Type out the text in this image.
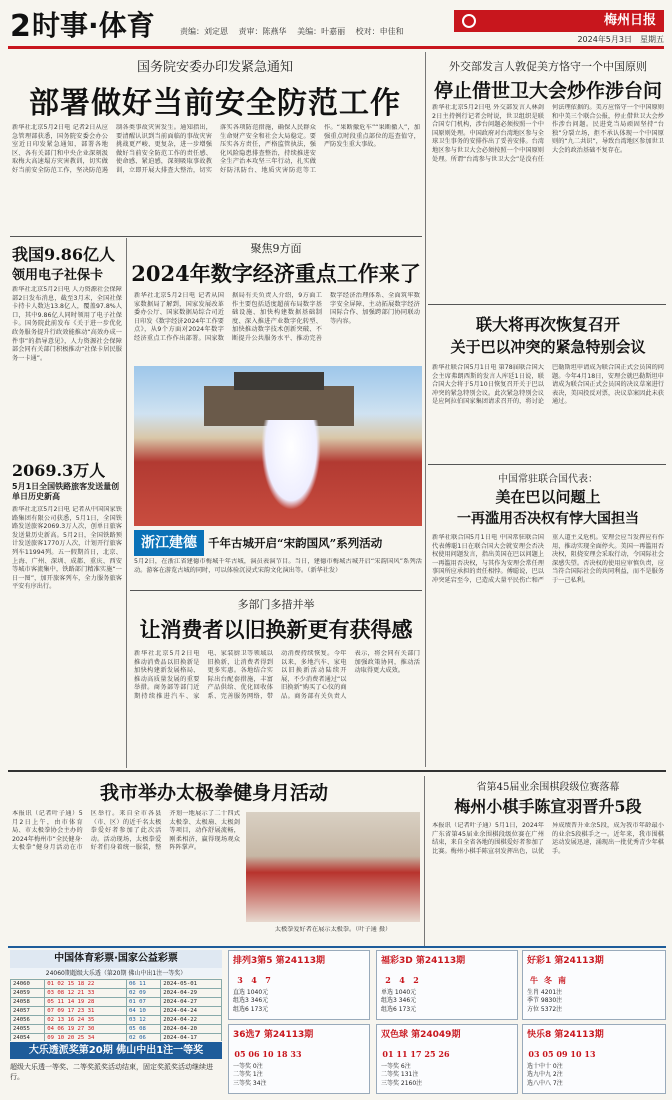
2 时事·体育	责编：刘定恩 责审：陈燕华 美编：叶嘉丽 校对：申佳和
梅州日报
2024年5月3日　星期五
国务院安委办印发紧急通知
部署做好当前安全防范工作
新华社北京5月2日电 记者2日从应急管理部获悉，国务院安委会办公室近日印发紧急通知，部署各地区、各有关部门和中央企业深刻汲取梅大高速塌方灾害教训，切实做好当前安全防范工作，坚决防范遏制各类事故灾害发生。通知指出，要清醒认识到当前面临的事故灾害挑战更严峻、更复杂，进一步增强做好当前安全防范工作的责任感、使命感、紧迫感，深刻吸取事故教训，立即开展大排查大整治，切实落实各项防范措施，确保人民群众生命财产安全和社会大局稳定。要压实各方责任，严格监管执法，强化风险隐患排查整治，持续推进安全生产治本攻坚三年行动，扎实做好防汛防台、地质灾害防范等工作。“果断撤危车”“果断撤人”，加强重点时段重点部位的巡查值守，严防发生重大事故。
外交部发言人敦促美方恪守一个中国原则
停止借世卫大会炒作涉台问
新华社北京5月2日电 外交部发言人林剑2日主持例行记者会时说，世卫组织是联合国专门机构，涉台问题必须按照一个中国原则处理。中国政府对台湾地区参与全球卫生事务的安排作出了妥善安排。台湾地区参与世卫大会必须按照一个中国原则处理。所谓“台湾参与世卫大会”是没有任何法理依据的。美方应恪守一个中国原则和中美三个联合公报，停止借世卫大会炒作涉台问题。民进党当局顽固坚持“台独”分裂立场，拒不承认体现一个中国原则的“九二共识”，导致台湾地区参加世卫大会的政治基础不复存在。
我国9.86亿人
领用电子社保卡
新华社北京5月2日电 人力资源社会保障部2日发布消息，截至3月末，全国社保卡持卡人数达13.8亿人，覆盖97.8%人口，其中9.86亿人同时领用了电子社保卡。国务院此前发布《关于进一步优化政务服务提升行政效能推动“高效办成一件事”的指导意见》，人力资源社会保障部会同有关部门积极推动“社保卡居民服务一卡通”。
2069.3万人
5月1日全国铁路旅客发送量创单日历史新高
新华社北京5月2日电 记者从中国国家铁路集团有限公司获悉，5月1日，全国铁路发送旅客2069.3万人次，创单日旅客发送量历史新高。5月2日，全国铁路预计发送旅客1770万人次，计划开行旅客列车11994列。五一假期首日，北京、上海、广州、深圳、成都、重庆、西安等城市客流集中，铁路部门精准实施“一日一图”，加开旅客列车，全力服务旅客平安有序出行。
聚焦9方面
2024年数字经济重点工作来了
新华社北京5月2日电 记者从国家数据局了解到，国家发展改革委办公厅、国家数据局综合司近日印发《数字经济2024年工作要点》，从9个方面对2024年数字经济重点工作作出部署。国家数据局有关负责人介绍，9方面工作主要包括适度超前布局数字基础设施、加快构建数据基础制度、深入推进产业数字化转型、加快推动数字技术创新突破、不断提升公共服务水平、推动完善数字经济治理体系、全面筑牢数字安全屏障、主动拓展数字经济国际合作、加强跨部门协同联动等内容。
浙江建德 千年古城开启“宋韵国风”系列活动
5月2日，在浙江省建德市梅城千年古城，演员表演节目。当日，建德市梅城古城开启“宋韵国风”系列活动。游客在游览古城的同时，可以体验沉浸式宋韵文化演出等。（新华社发）
多部门多措并举
让消费者以旧换新更有获得感
新华社北京5月2日电 推动消费品以旧换新是加快构建新发展格局、推动高质量发展的重要举措。商务部等部门近期持续推进汽车、家电、家装厨卫等领域以旧换新，让消费者得到更多实惠。各地结合实际出台配套措施，丰富产品供给、优化回收体系、完善服务网络，带动消费持续恢复。今年以来，多地汽车、家电以旧换新活动陆续开展，不少消费者通过“以旧换新”购买了心仪的商品。商务部有关负责人表示，将会同有关部门加强政策协同，推动活动取得更大成效。
联大将再次恢复召开
关于巴以冲突的紧急特别会议
新华社联合国5月1日电 第78届联合国大会主席弗朗西斯的发言人库廷1日说，联合国大会将于5月10日恢复召开关于巴以冲突的紧急特别会议。此次紧急特别会议是应阿拉伯国家集团请求召开的，将讨论巴勒斯坦申请成为联合国正式会员国的问题。今年4月18日，安理会就巴勒斯坦申请成为联合国正式会员国的决议草案进行表决，美国投反对票，决议草案因此未获通过。
中国常驻联合国代表：
美在巴以问题上
一再滥用否决权有悖大国担当
新华社联合国5月1日电 中国常驻联合国代表傅聪1日在联合国大会就安理会否决权使用问题发言，指出美国在巴以问题上一再滥用否决权，与其作为安理会常任理事国所应承担的责任相悖。傅聪说，巴以冲突延宕至今，已造成大量平民伤亡和严重人道主义危机。安理会应当发挥应有作用，推动实现全面停火。美国一再滥用否决权，阻挠安理会采取行动，令国际社会深感失望。否决权的使用应审慎负责，应当符合国际社会的共同利益，而不是服务于一己私利。
我市举办太极拳健身月活动
本报讯（记者叶子通）5月2日上午，由市体育局、市太极拳协会主办的2024年梅州市“全民健身·太极拳”健身月活动在市区举行。来自全市各县（市、区）的近千名太极拳爱好者参加了此次活动。活动现场，太极拳爱好者们身着统一服装，整齐划一地展示了二十四式太极拳、太极扇、太极剑等项目，动作舒展流畅，刚柔相济，赢得现场观众阵阵掌声。
太极拳爱好者在展示太极拳。（叶子通 摄）
省第45届业余围棋段级位赛落幕
梅州小棋手陈宣羽晋升5段
本报讯（记者叶子通）5月1日，2024年广东省第45届业余围棋段级位赛在广州结束，来自全省各地的围棋爱好者参加了比赛。梅州小棋手陈宣羽发挥出色，以优异成绩晋升业余5段，成为我市年龄最小的业余5段棋手之一。近年来，我市围棋运动发展迅速，涌现出一批优秀青少年棋手。
中国体育彩票·国家公益彩票
24060期超级大乐透（第20期 佛山中出1注一等奖）
24060	01 02 15 18 22	06 11	2024-05-01
24059	03 08 12 21 33	02 09	2024-04-29
24058	05 11 14 19 28	01 07	2024-04-27
24057	07 09 17 23 31	04 10	2024-04-24
24056	02 13 16 24 35	03 12	2024-04-22
24055	04 06 19 27 30	05 08	2024-04-20
24054	09 10 20 25 34	02 06	2024-04-17
大乐透派奖第20期 佛山中出1注一等奖
超级大乐透一等奖、二等奖派奖活动结束，固定奖派奖活动继续进行。
排列3第5 第24113期
3 4 7
直选 1040元
组选3 346元
组选6 173元
福彩3D 第24113期
2 4 2
单选 1040元
组选3 346元
组选6 173元
好彩1 第24113期
牛 冬 南
生肖 4201注
季节 9830注
方位 5372注
36选7 第24113期
05 06 10 18 33
一等奖 0注
二等奖 1注
三等奖 34注
双色球 第24049期
01 11 17 25 26
一等奖 6注
二等奖 131注
三等奖 2160注
快乐8 第24113期
03 05 09 10 13
选十中十 0注
选九中九 2注
选八中八 7注
